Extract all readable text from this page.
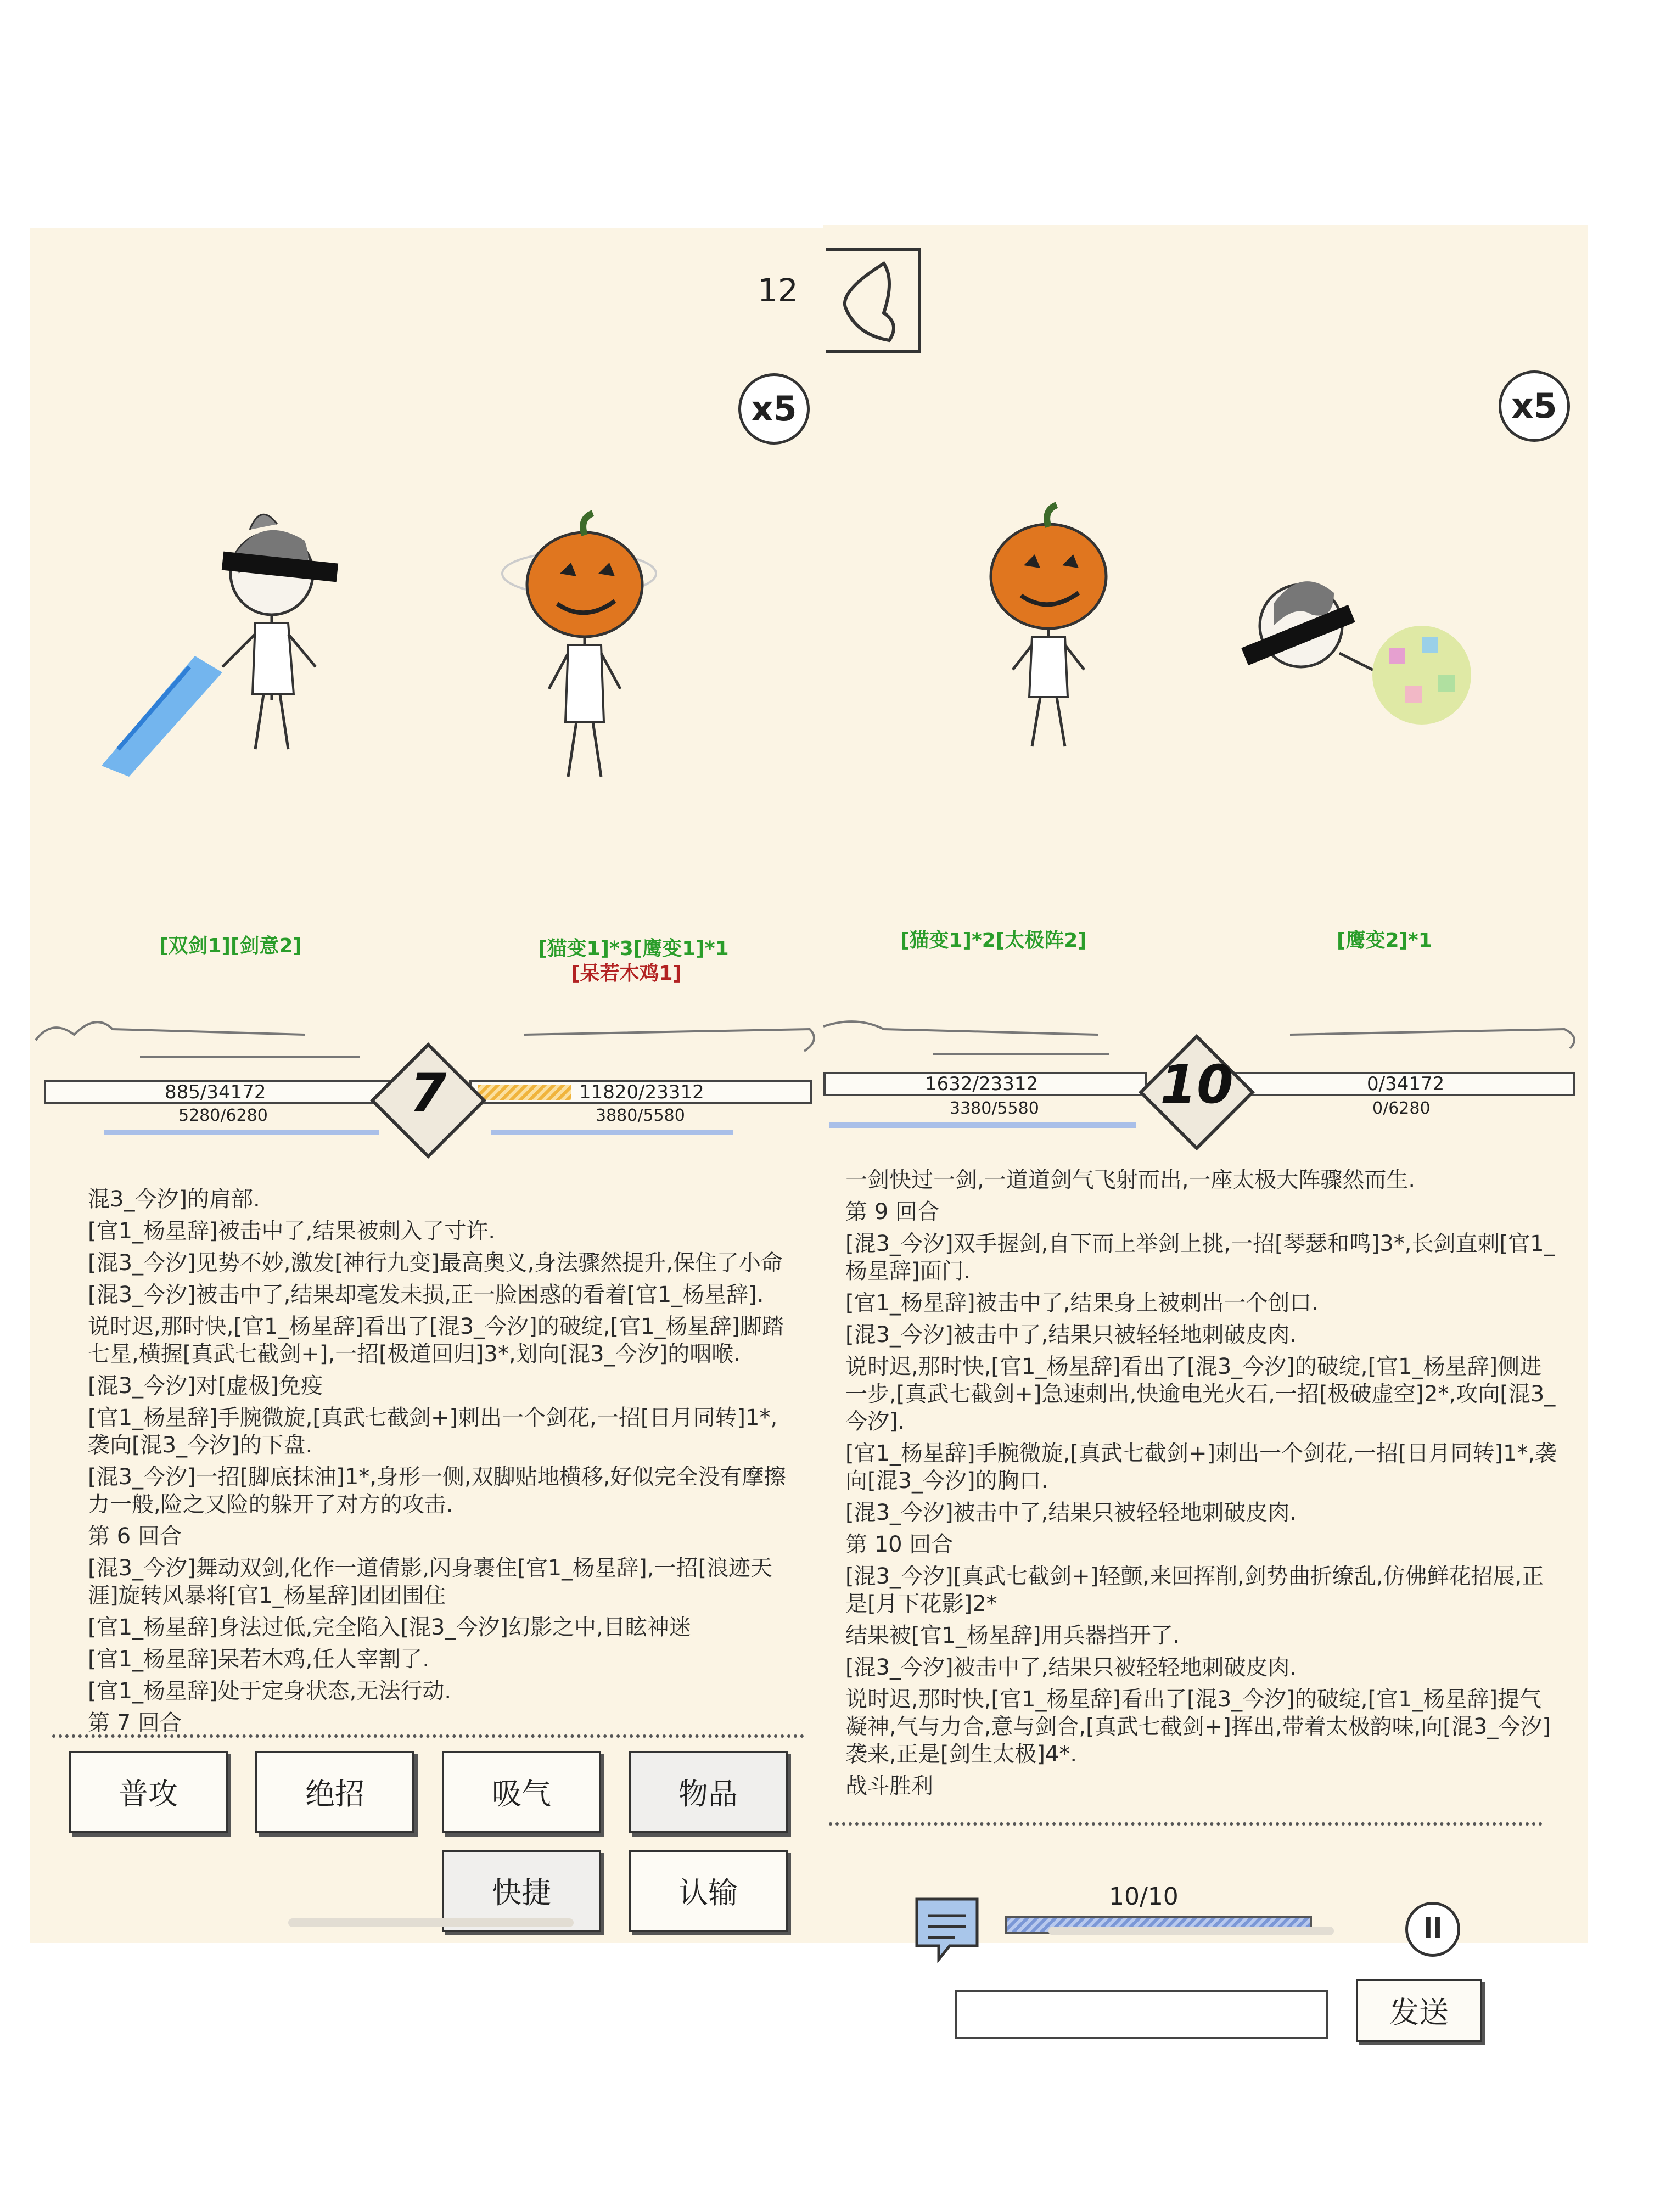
12
x5
[双剑1][剑意2]	[猫变1]*3[鹰变1]*1
[呆若木鸡1]
885/34172
5280/6280
11820/23312
3880/5580
7

混3_今汐]的肩部.

[官1_杨星辞]被击中了,结果被刺入了寸许.

[混3_今汐]见势不妙,激发[神行九变]最高奥义,身法骤然提升,保住了小命

[混3_今汐]被击中了,结果却毫发未损,正一脸困惑的看着[官1_杨星辞].

说时迟,那时快,[官1_杨星辞]看出了[混3_今汐]的破绽,[官1_杨星辞]脚踏七星,横握[真武七截剑+],一招[极道回归]3*,划向[混3_今汐]的咽喉.

[混3_今汐]对[虚极]免疫

[官1_杨星辞]手腕微旋,[真武七截剑+]刺出一个剑花,一招[日月同转]1*,袭向[混3_今汐]的下盘.

[混3_今汐]一招[脚底抹油]1*,身形一侧,双脚贴地横移,好似完全没有摩擦力一般,险之又险的躲开了对方的攻击.

第 6 回合

[混3_今汐]舞动双剑,化作一道倩影,闪身裹住[官1_杨星辞],一招[浪迹天涯]旋转风暴将[官1_杨星辞]团团围住

[官1_杨星辞]身法过低,完全陷入[混3_今汐]幻影之中,目眩神迷

[官1_杨星辞]呆若木鸡,任人宰割了.

[官1_杨星辞]处于定身状态,无法行动.

第 7 回合

普攻	绝招	吸气	物品
快捷	认输
x5
[猫变1]*2[太极阵2]	[鹰变2]*1
1632/23312
3380/5580
0/34172
0/6280
10

一剑快过一剑,一道道剑气飞射而出,一座太极大阵骤然而生.

第 9 回合

[混3_今汐]双手握剑,自下而上举剑上挑,一招[琴瑟和鸣]3*,长剑直刺[官1_杨星辞]面门.

[官1_杨星辞]被击中了,结果身上被刺出一个创口.

[混3_今汐]被击中了,结果只被轻轻地刺破皮肉.

说时迟,那时快,[官1_杨星辞]看出了[混3_今汐]的破绽,[官1_杨星辞]侧进一步,[真武七截剑+]急速刺出,快逾电光火石,一招[极破虚空]2*,攻向[混3_今汐].

[官1_杨星辞]手腕微旋,[真武七截剑+]刺出一个剑花,一招[日月同转]1*,袭向[混3_今汐]的胸口.

[混3_今汐]被击中了,结果只被轻轻地刺破皮肉.

第 10 回合

[混3_今汐][真武七截剑+]轻颤,来回挥削,剑势曲折缭乱,仿佛鲜花招展,正是[月下花影]2*

结果被[官1_杨星辞]用兵器挡开了.

[混3_今汐]被击中了,结果只被轻轻地刺破皮肉.

说时迟,那时快,[官1_杨星辞]看出了[混3_今汐]的破绽,[官1_杨星辞]提气凝神,气与力合,意与剑合,[真武七截剑+]挥出,带着太极韵味,向[混3_今汐]袭来,正是[剑生太极]4*.

战斗胜利

10/10
ll
发送
